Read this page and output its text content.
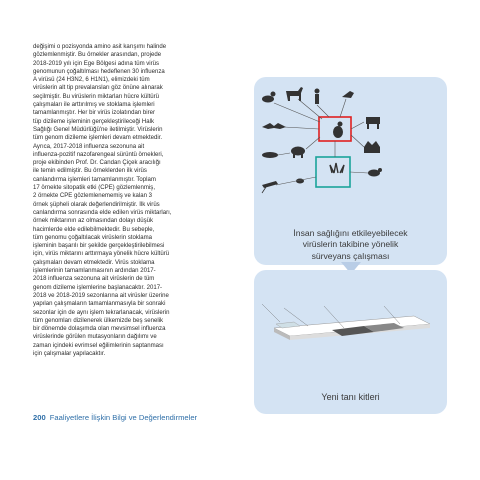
değişimi o pozisyonda amino asit karışımı halinde
gözlemlenmiştir. Bu örnekler arasından, projede
2018-2019 yılı için Ege Bölgesi adına tüm virüs
genomunun çoğaltılması hedeflenen 30 influenza
A virüsü (24 H3N2, 6 H1N1), elimizdeki tüm
virüslerin alt tip prevalansları göz önüne alınarak
seçilmiştir. Bu virüslerin miktarları hücre kültürü
çalışmaları ile arttırılmış ve stoklama işlemleri
tamamlanmıştır. Her bir virüs izolatından birer
tüp dizileme işleminin gerçekleştirileceği Halk
Sağlığı Genel Müdürlüğü'ne iletilmiştir. Virüslerin
tüm genom dizileme işlemleri devam etmektedir.
Ayrıca, 2017-2018 influenza sezonuna ait
influenza-pozitif nazofarengeal sürüntü örnekleri,
proje ekibinden Prof. Dr. Candan Çiçek aracılığı
ile temin edilmiştir. Bu örneklerden ilk virüs
canlandırma işlemleri tamamlanmıştır. Toplam
17 örnekte sitopatik etki (CPE) gözlemlenmiş,
2 örnekte CPE gözlemlenememiş ve kalan 3
örnek şüpheli olarak değerlendirilmiştir. İlk virüs
canlandırma sonrasında elde edilen virüs miktarları,
örnek miktarının az olmasından dolayı düşük
hacimlerde elde edilebilmektedir. Bu sebeple,
tüm genomu çoğaltılacak virüslerin stoklama
işleminin başarılı bir şekilde gerçekleştirilebilmesi
için, virüs miktarını arttırmaya yönelik hücre kültürü
çalışmaları devam etmektedir. Virüs stoklama
işlemlerinin tamamlanmasının ardından 2017-
2018 influenza sezonuna ait virüslerin de tüm
genom dizileme işlemlerine başlanacaktır. 2017-
2018 ve 2018-2019 sezonlarına ait virüsler üzerine
yapılan çalışmaların tamamlanmasıyla bir sonraki
sezonlar için de aynı işlem tekrarlanacak, virüslerin
tüm genomları dizilenerek ülkemizde beş senelik
bir dönemde dolaşımda olan mevsimsel influenza
virüslerinde görülen mutasyonların dağılımı ve
zaman içindeki evrimsel eğilimlerinin saptanması
için çalışmalar yapılacaktır.
200 Faaliyetlere İlişkin Bilgi ve Değerlendirmeler
İnsan sağlığını etkileyebilecek
virüslerin takibine yönelik
sürveyans çalışması
Yeni tanı kitleri
